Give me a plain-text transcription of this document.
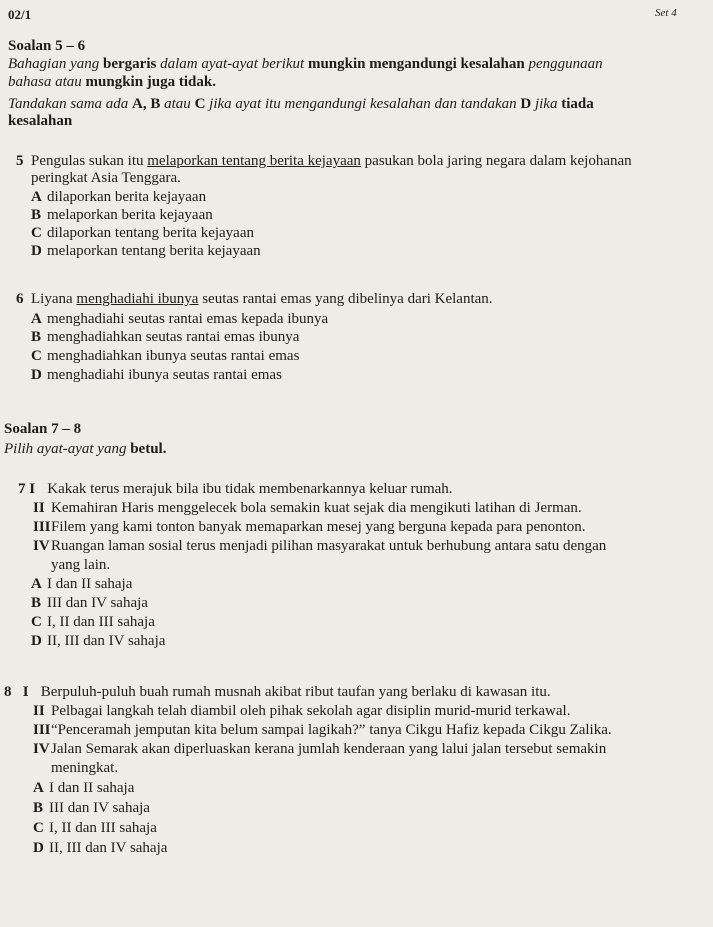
02/1	Set 4
Soalan 5 – 6
Bahagian yang bergaris dalam ayat-ayat berikut mungkin mengandungi kesalahan penggunaan
bahasa atau mungkin juga tidak.
Tandakan sama ada A, B atau C jika ayat itu mengandungi kesalahan dan tandakan D jika tiada
kesalahan
5 Pengulas sukan itu melaporkan tentang berita kejayaan pasukan bola jaring negara dalam kejohanan
peringkat Asia Tenggara.
A dilaporkan berita kejayaan
B melaporkan berita kejayaan
C dilaporkan tentang berita kejayaan
D melaporkan tentang berita kejayaan
6 Liyana menghadiahi ibunya seutas rantai emas yang dibelinya dari Kelantan.
A menghadiahi seutas rantai emas kepada ibunya
B menghadiahkan seutas rantai emas ibunya
C menghadiahkan ibunya seutas rantai emas
D menghadiahi ibunya seutas rantai emas
Soalan 7 – 8
Pilih ayat-ayat yang betul.
7 I Kakak terus merajuk bila ibu tidak membenarkannya keluar rumah.
II Kemahiran Haris menggelecek bola semakin kuat sejak dia mengikuti latihan di Jerman.
IIIFilem yang kami tonton banyak memaparkan mesej yang berguna kepada para penonton.
IVRuangan laman sosial terus menjadi pilihan masyarakat untuk berhubung antara satu dengan
yang lain.
A I dan II sahaja
B III dan IV sahaja
C I, II dan III sahaja
D II, III dan IV sahaja
8 I Berpuluh-puluh buah rumah musnah akibat ribut taufan yang berlaku di kawasan itu.
II Pelbagai langkah telah diambil oleh pihak sekolah agar disiplin murid-murid terkawal.
III“Penceramah jemputan kita belum sampai lagikah?” tanya Cikgu Hafiz kepada Cikgu Zalika.
IVJalan Semarak akan diperluaskan kerana jumlah kenderaan yang lalui jalan tersebut semakin
meningkat.
A I dan II sahaja
B III dan IV sahaja
C I, II dan III sahaja
D II, III dan IV sahaja
